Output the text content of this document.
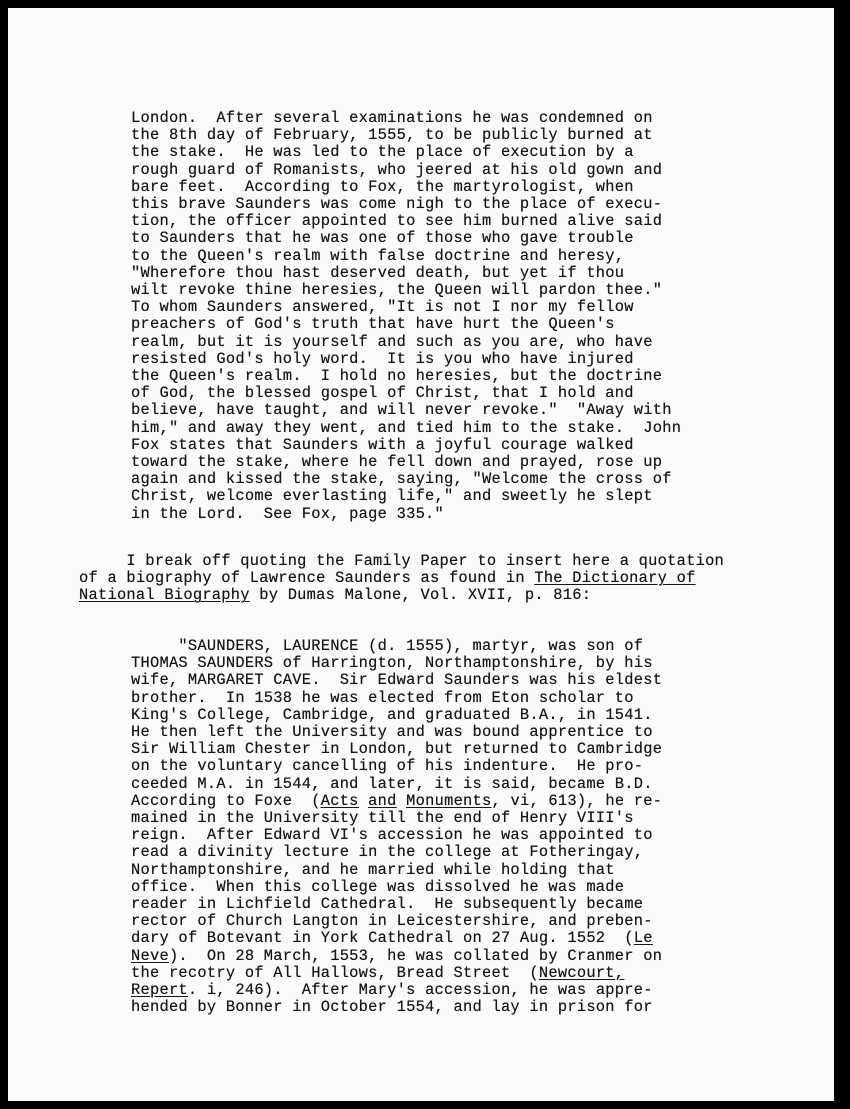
London.  After several examinations he was condemned on
the 8th day of February, 1555, to be publicly burned at
the stake.  He was led to the place of execution by a
rough guard of Romanists, who jeered at his old gown and
bare feet.  According to Fox, the martyrologist, when
this brave Saunders was come nigh to the place of execu-
tion, the officer appointed to see him burned alive said
to Saunders that he was one of those who gave trouble
to the Queen's realm with false doctrine and heresy,
"Wherefore thou hast deserved death, but yet if thou
wilt revoke thine heresies, the Queen will pardon thee."
To whom Saunders answered, "It is not I nor my fellow
preachers of God's truth that have hurt the Queen's
realm, but it is yourself and such as you are, who have
resisted God's holy word.  It is you who have injured
the Queen's realm.  I hold no heresies, but the doctrine
of God, the blessed gospel of Christ, that I hold and
believe, have taught, and will never revoke."  "Away with
him," and away they went, and tied him to the stake.  John
Fox states that Saunders with a joyful courage walked
toward the stake, where he fell down and prayed, rose up
again and kissed the stake, saying, "Welcome the cross of
Christ, welcome everlasting life," and sweetly he slept
in the Lord.  See Fox, page 335."
I break off quoting the Family Paper to insert here a quotation
of a biography of Lawrence Saunders as found in The Dictionary of
National Biography by Dumas Malone, Vol. XVII, p. 816:
"SAUNDERS, LAURENCE (d. 1555), martyr, was son of
THOMAS SAUNDERS of Harrington, Northamptonshire, by his
wife, MARGARET CAVE.  Sir Edward Saunders was his eldest
brother.  In 1538 he was elected from Eton scholar to
King's College, Cambridge, and graduated B.A., in 1541.
He then left the University and was bound apprentice to
Sir William Chester in London, but returned to Cambridge
on the voluntary cancelling of his indenture.  He pro-
ceeded M.A. in 1544, and later, it is said, became B.D.
According to Foxe  (Acts and Monuments, vi, 613), he re-
mained in the University till the end of Henry VIII's
reign.  After Edward VI's accession he was appointed to
read a divinity lecture in the college at Fotheringay,
Northamptonshire, and he married while holding that
office.  When this college was dissolved he was made
reader in Lichfield Cathedral.  He subsequently became
rector of Church Langton in Leicestershire, and preben-
dary of Botevant in York Cathedral on 27 Aug. 1552  (Le
Neve).  On 28 March, 1553, he was collated by Cranmer on
the recotry of All Hallows, Bread Street  (Newcourt,
Repert. i, 246).  After Mary's accession, he was appre-
hended by Bonner in October 1554, and lay in prison for
